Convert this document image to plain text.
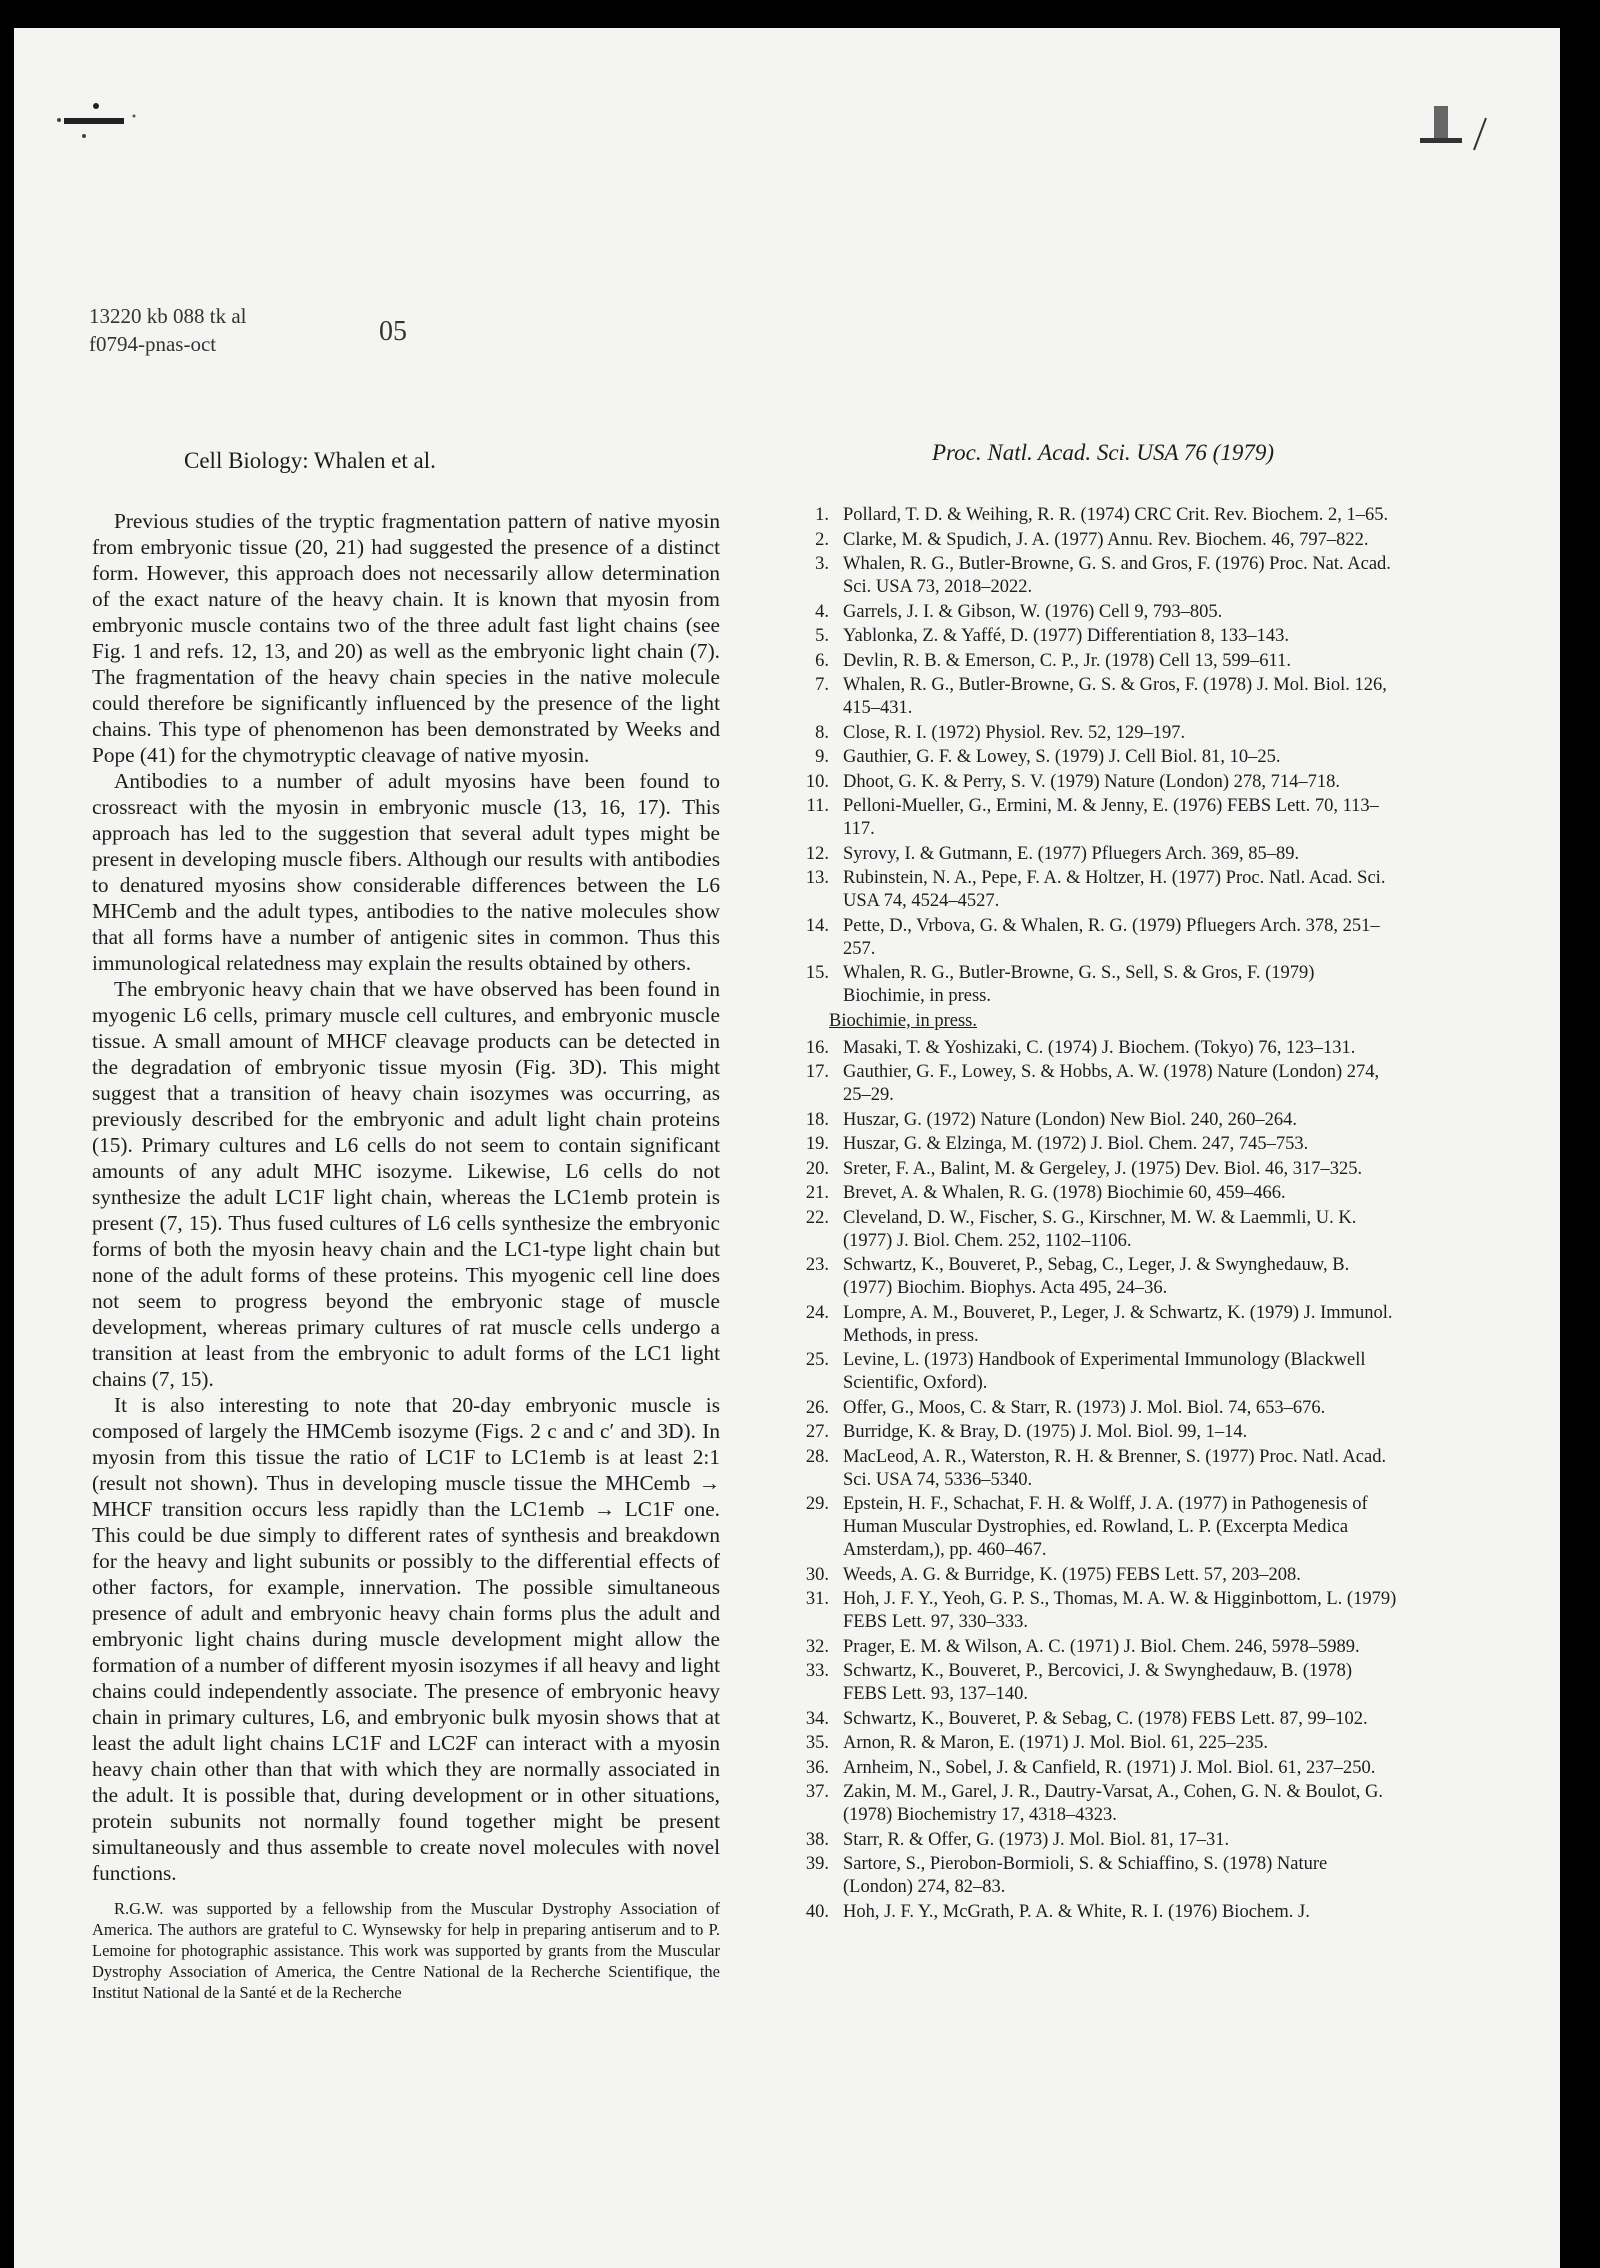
13220 kb 088 tk al
f0794-pnas-oct	05
Cell Biology: Whalen et al.	Proc. Natl. Acad. Sci. USA 76 (1979)

Previous studies of the tryptic fragmentation pattern of native myosin from embryonic tissue (20, 21) had suggested the presence of a distinct form. However, this approach does not necessarily allow determination of the exact nature of the heavy chain. It is known that myosin from embryonic muscle contains two of the three adult fast light chains (see Fig. 1 and refs. 12, 13, and 20) as well as the embryonic light chain (7). The fragmentation of the heavy chain species in the native molecule could therefore be significantly influenced by the presence of the light chains. This type of phenomenon has been demonstrated by Weeks and Pope (41) for the chymotryptic cleavage of native myosin.

Antibodies to a number of adult myosins have been found to crossreact with the myosin in embryonic muscle (13, 16, 17). This approach has led to the suggestion that several adult types might be present in developing muscle fibers. Although our results with antibodies to denatured myosins show considerable differences between the L6 MHCemb and the adult types, antibodies to the native molecules show that all forms have a number of antigenic sites in common. Thus this immunological relatedness may explain the results obtained by others.

The embryonic heavy chain that we have observed has been found in myogenic L6 cells, primary muscle cell cultures, and embryonic muscle tissue. A small amount of MHCF cleavage products can be detected in the degradation of embryonic tissue myosin (Fig. 3D). This might suggest that a transition of heavy chain isozymes was occurring, as previously described for the embryonic and adult light chain proteins (15). Primary cultures and L6 cells do not seem to contain significant amounts of any adult MHC isozyme. Likewise, L6 cells do not synthesize the adult LC1F light chain, whereas the LC1emb protein is present (7, 15). Thus fused cultures of L6 cells synthesize the embryonic forms of both the myosin heavy chain and the LC1-type light chain but none of the adult forms of these proteins. This myogenic cell line does not seem to progress beyond the embryonic stage of muscle development, whereas primary cultures of rat muscle cells undergo a transition at least from the embryonic to adult forms of the LC1 light chains (7, 15).

It is also interesting to note that 20-day embryonic muscle is composed of largely the HMCemb isozyme (Figs. 2 c and c′ and 3D). In myosin from this tissue the ratio of LC1F to LC1emb is at least 2:1 (result not shown). Thus in developing muscle tissue the MHCemb → MHCF transition occurs less rapidly than the LC1emb → LC1F one. This could be due simply to different rates of synthesis and breakdown for the heavy and light subunits or possibly to the differential effects of other factors, for example, innervation. The possible simultaneous presence of adult and embryonic heavy chain forms plus the adult and embryonic light chains during muscle development might allow the formation of a number of different myosin isozymes if all heavy and light chains could independently associate. The presence of embryonic heavy chain in primary cultures, L6, and embryonic bulk myosin shows that at least the adult light chains LC1F and LC2F can interact with a myosin heavy chain other than that with which they are normally associated in the adult. It is possible that, during development or in other situations, protein subunits not normally found together might be present simultaneously and thus assemble to create novel molecules with novel functions.

R.G.W. was supported by a fellowship from the Muscular Dystrophy Association of America. The authors are grateful to C. Wynsewsky for help in preparing antiserum and to P. Lemoine for photographic assistance. This work was supported by grants from the Muscular Dystrophy Association of America, the Centre National de la Recherche Scientifique, the Institut National de la Santé et de la Recherche

1. Pollard, T. D. & Weihing, R. R. (1974) CRC Crit. Rev. Biochem. 2, 1–65.
2. Clarke, M. & Spudich, J. A. (1977) Annu. Rev. Biochem. 46, 797–822.
3. Whalen, R. G., Butler-Browne, G. S. and Gros, F. (1976) Proc. Nat. Acad. Sci. USA 73, 2018–2022.
4. Garrels, J. I. & Gibson, W. (1976) Cell 9, 793–805.
5. Yablonka, Z. & Yaffé, D. (1977) Differentiation 8, 133–143.
6. Devlin, R. B. & Emerson, C. P., Jr. (1978) Cell 13, 599–611.
7. Whalen, R. G., Butler-Browne, G. S. & Gros, F. (1978) J. Mol. Biol. 126, 415–431.
8. Close, R. I. (1972) Physiol. Rev. 52, 129–197.
9. Gauthier, G. F. & Lowey, S. (1979) J. Cell Biol. 81, 10–25.
10. Dhoot, G. K. & Perry, S. V. (1979) Nature (London) 278, 714–718.
11. Pelloni-Mueller, G., Ermini, M. & Jenny, E. (1976) FEBS Lett. 70, 113–117.
12. Syrovy, I. & Gutmann, E. (1977) Pfluegers Arch. 369, 85–89.
13. Rubinstein, N. A., Pepe, F. A. & Holtzer, H. (1977) Proc. Natl. Acad. Sci. USA 74, 4524–4527.
14. Pette, D., Vrbova, G. & Whalen, R. G. (1979) Pfluegers Arch. 378, 251–257.
15. Whalen, R. G., Butler-Browne, G. S., Sell, S. & Gros, F. (1979) Biochimie, in press.
Biochimie, in press.
16. Masaki, T. & Yoshizaki, C. (1974) J. Biochem. (Tokyo) 76, 123–131.
17. Gauthier, G. F., Lowey, S. & Hobbs, A. W. (1978) Nature (London) 274, 25–29.
18. Huszar, G. (1972) Nature (London) New Biol. 240, 260–264.
19. Huszar, G. & Elzinga, M. (1972) J. Biol. Chem. 247, 745–753.
20. Sreter, F. A., Balint, M. & Gergeley, J. (1975) Dev. Biol. 46, 317–325.
21. Brevet, A. & Whalen, R. G. (1978) Biochimie 60, 459–466.
22. Cleveland, D. W., Fischer, S. G., Kirschner, M. W. & Laemmli, U. K. (1977) J. Biol. Chem. 252, 1102–1106.
23. Schwartz, K., Bouveret, P., Sebag, C., Leger, J. & Swynghedauw, B. (1977) Biochim. Biophys. Acta 495, 24–36.
24. Lompre, A. M., Bouveret, P., Leger, J. & Schwartz, K. (1979) J. Immunol. Methods, in press.
25. Levine, L. (1973) Handbook of Experimental Immunology (Blackwell Scientific, Oxford).
26. Offer, G., Moos, C. & Starr, R. (1973) J. Mol. Biol. 74, 653–676.
27. Burridge, K. & Bray, D. (1975) J. Mol. Biol. 99, 1–14.
28. MacLeod, A. R., Waterston, R. H. & Brenner, S. (1977) Proc. Natl. Acad. Sci. USA 74, 5336–5340.
29. Epstein, H. F., Schachat, F. H. & Wolff, J. A. (1977) in Pathogenesis of Human Muscular Dystrophies, ed. Rowland, L. P. (Excerpta Medica Amsterdam,), pp. 460–467.
30. Weeds, A. G. & Burridge, K. (1975) FEBS Lett. 57, 203–208.
31. Hoh, J. F. Y., Yeoh, G. P. S., Thomas, M. A. W. & Higginbottom, L. (1979) FEBS Lett. 97, 330–333.
32. Prager, E. M. & Wilson, A. C. (1971) J. Biol. Chem. 246, 5978–5989.
33. Schwartz, K., Bouveret, P., Bercovici, J. & Swynghedauw, B. (1978) FEBS Lett. 93, 137–140.
34. Schwartz, K., Bouveret, P. & Sebag, C. (1978) FEBS Lett. 87, 99–102.
35. Arnon, R. & Maron, E. (1971) J. Mol. Biol. 61, 225–235.
36. Arnheim, N., Sobel, J. & Canfield, R. (1971) J. Mol. Biol. 61, 237–250.
37. Zakin, M. M., Garel, J. R., Dautry-Varsat, A., Cohen, G. N. & Boulot, G. (1978) Biochemistry 17, 4318–4323.
38. Starr, R. & Offer, G. (1973) J. Mol. Biol. 81, 17–31.
39. Sartore, S., Pierobon-Bormioli, S. & Schiaffino, S. (1978) Nature (London) 274, 82–83.
40. Hoh, J. F. Y., McGrath, P. A. & White, R. I. (1976) Biochem. J.
